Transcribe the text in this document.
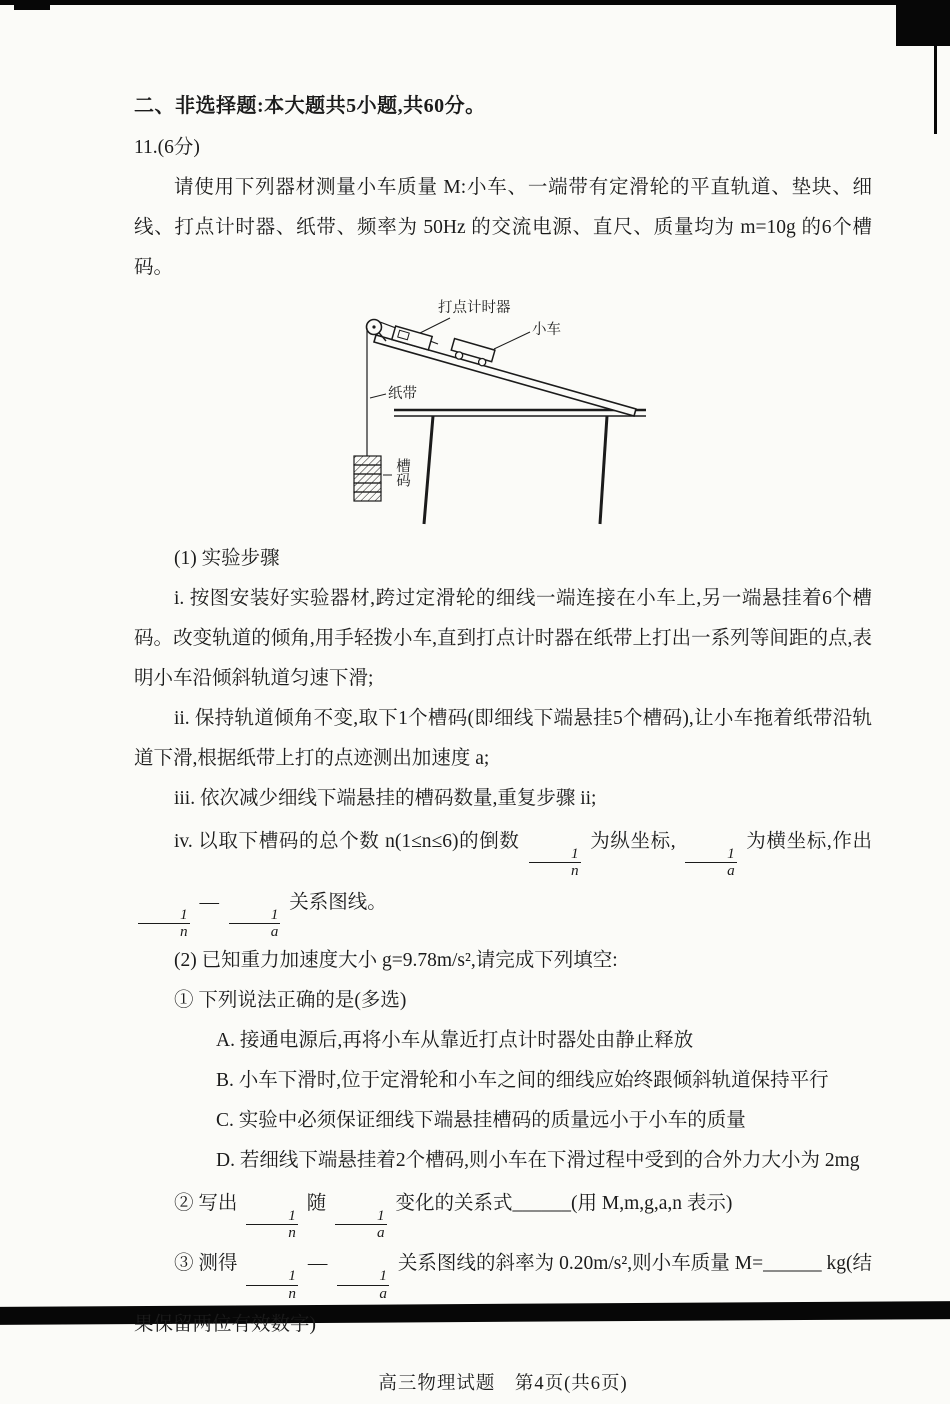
二、非选择题:本大题共5小题,共60分。

11.(6分)

请使用下列器材测量小车质量 M:小车、一端带有定滑轮的平直轨道、垫块、细线、打点计时器、纸带、频率为 50Hz 的交流电源、直尺、质量均为 m=10g 的6个槽码。

打点计时器
小车
纸带
槽码

(1) 实验步骤

i. 按图安装好实验器材,跨过定滑轮的细线一端连接在小车上,另一端悬挂着6个槽码。改变轨道的倾角,用手轻拨小车,直到打点计时器在纸带上打出一系列等间距的点,表明小车沿倾斜轨道匀速下滑;

ii. 保持轨道倾角不变,取下1个槽码(即细线下端悬挂5个槽码),让小车拖着纸带沿轨道下滑,根据纸带上打的点迹测出加速度 a;

iii. 依次减少细线下端悬挂的槽码数量,重复步骤 ii;

iv. 以取下槽码的总个数 n(1≤n≤6)的倒数
$\frac{1}{n}$
为纵坐标,
$\frac{1}{a}$
为横坐标,作出
$\frac{1}{n}$
—
$\frac{1}{a}$
关系图线。

(2) 已知重力加速度大小 g=9.78m/s²,请完成下列填空:

① 下列说法正确的是(多选)

A. 接通电源后,再将小车从靠近打点计时器处由静止释放

B. 小车下滑时,位于定滑轮和小车之间的细线应始终跟倾斜轨道保持平行

C. 实验中必须保证细线下端悬挂槽码的质量远小于小车的质量

D. 若细线下端悬挂着2个槽码,则小车在下滑过程中受到的合外力大小为 2mg

② 写出
$\frac{1}{n}$
随
$\frac{1}{a}$
变化的关系式______(用 M,m,g,a,n 表示)

③ 测得
$\frac{1}{n}$
—
$\frac{1}{a}$
关系图线的斜率为 0.20m/s²,则小车质量 M=______ kg(结果保留两位有效数字)

高三物理试题　第4页(共6页)
